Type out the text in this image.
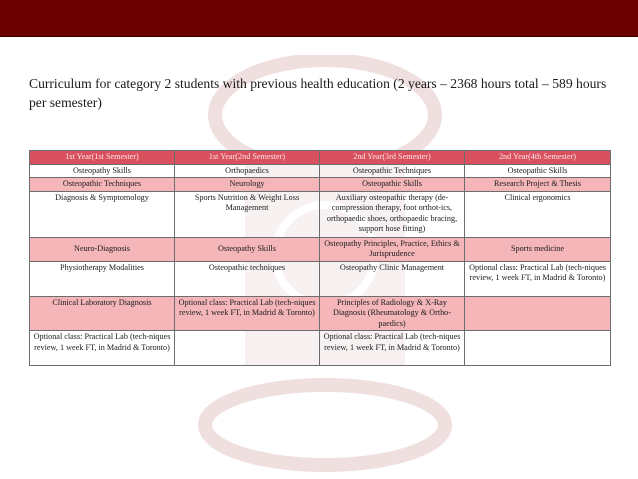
Curriculum for category 2 students with previous health education (2 years – 2368 hours total – 589 hours per semester)
1st Year(1st Semester)	1st Year(2nd Semester)	2nd Year(3rd Semester)	2nd Year(4th Semester)
Osteopathy Skills	Orthopaedics	Osteopathic Techniques	Osteopathic Skills
Osteopathic Techniques	Neurology	Osteopathic Skills	Research Project & Thesis
Diagnosis & Symptomology	Sports Nutrition & Weight Loss Management	Auxiliary osteopathic therapy (de-compression therapy, foot orthot-ics, orthopaedic shoes, orthopaedic bracing, support hose fitting)	Clinical ergonomics
Neuro-Diagnosis	Osteopathy Skills	Osteopathy Principles, Practice, Ethics & Jurisprudence	Sports medicine
Physiotherapy Modalities	Osteopathic techniques	Osteopathy Clinic Management	Optional class: Practical Lab (tech-niques review, 1 week FT, in Madrid & Toronto)
Clinical Laboratory Diagnosis	Optional class: Practical Lab (tech-niques review, 1 week FT, in Madrid & Toronto)	Principles of Radiology & X-Ray Diagnosis (Rheumatology & Ortho-paedics)	
Optional class: Practical Lab (tech-niques review, 1 week FT, in Madrid & Toronto)		Optional class: Practical Lab (tech-niques review, 1 week FT, in Madrid & Toronto)	
